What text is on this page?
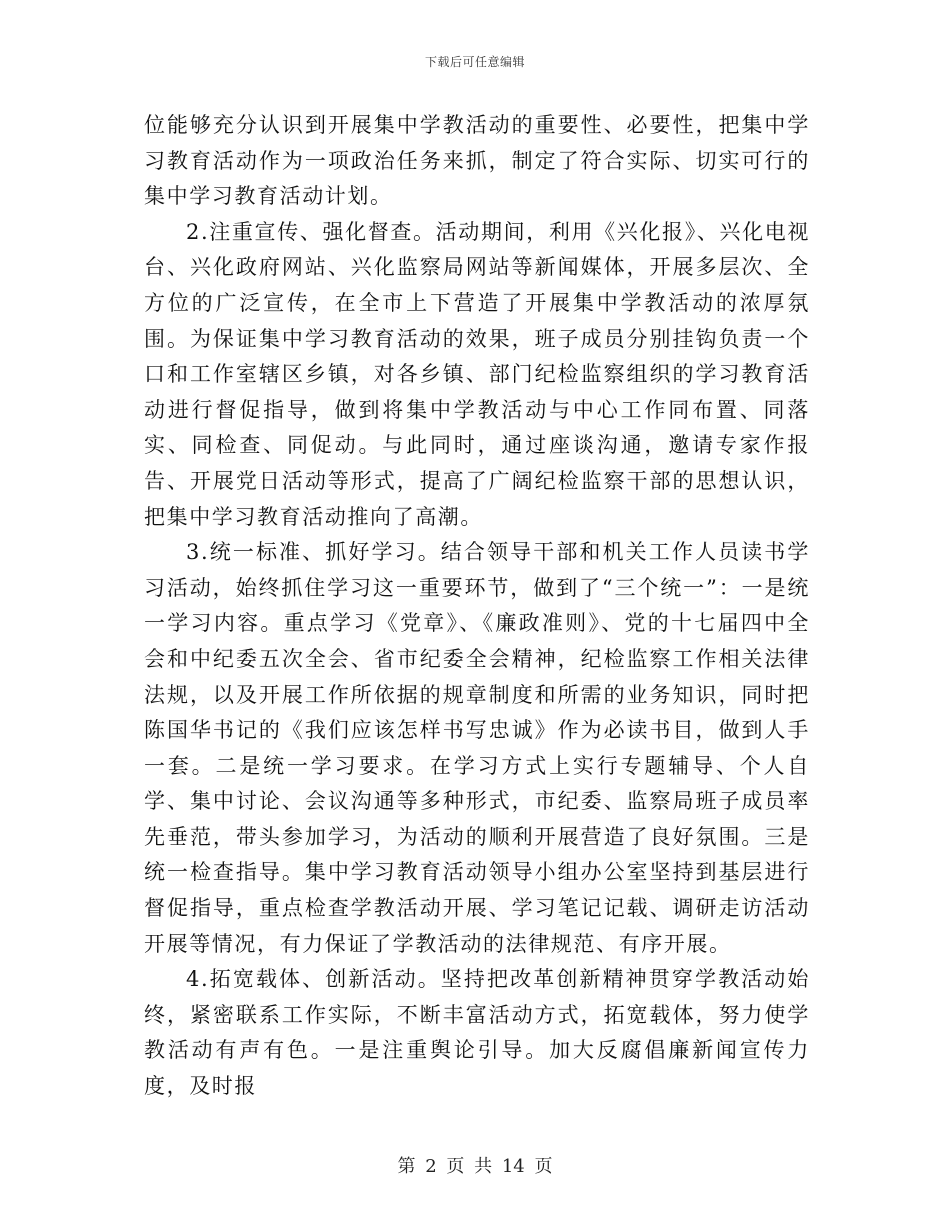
下载后可任意编辑

位能够充分认识到开展集中学教活动的重要性、必要性，把集中学习教育活动作为一项政治任务来抓，制定了符合实际、切实可行的集中学习教育活动计划。

2.注重宣传、强化督查。活动期间，利用《兴化报》、兴化电视台、兴化政府网站、兴化监察局网站等新闻媒体，开展多层次、全方位的广泛宣传，在全市上下营造了开展集中学教活动的浓厚氛围。为保证集中学习教育活动的效果，班子成员分别挂钩负责一个口和工作室辖区乡镇，对各乡镇、部门纪检监察组织的学习教育活动进行督促指导，做到将集中学教活动与中心工作同布置、同落实、同检查、同促动。与此同时，通过座谈沟通，邀请专家作报告、开展党日活动等形式，提高了广阔纪检监察干部的思想认识，把集中学习教育活动推向了高潮。

3.统一标准、抓好学习。结合领导干部和机关工作人员读书学习活动，始终抓住学习这一重要环节，做到了“三个统一”：一是统一学习内容。重点学习《党章》、《廉政准则》、党的十七届四中全会和中纪委五次全会、省市纪委全会精神，纪检监察工作相关法律法规，以及开展工作所依据的规章制度和所需的业务知识，同时把陈国华书记的《我们应该怎样书写忠诚》作为必读书目，做到人手一套。二是统一学习要求。在学习方式上实行专题辅导、个人自学、集中讨论、会议沟通等多种形式，市纪委、监察局班子成员率先垂范，带头参加学习，为活动的顺利开展营造了良好氛围。三是统一检查指导。集中学习教育活动领导小组办公室坚持到基层进行督促指导，重点检查学教活动开展、学习笔记记载、调研走访活动开展等情况，有力保证了学教活动的法律规范、有序开展。

4.拓宽载体、创新活动。坚持把改革创新精神贯穿学教活动始终，紧密联系工作实际，不断丰富活动方式，拓宽载体，努力使学教活动有声有色。一是注重舆论引导。加大反腐倡廉新闻宣传力度，及时报

第 2 页 共 14 页
